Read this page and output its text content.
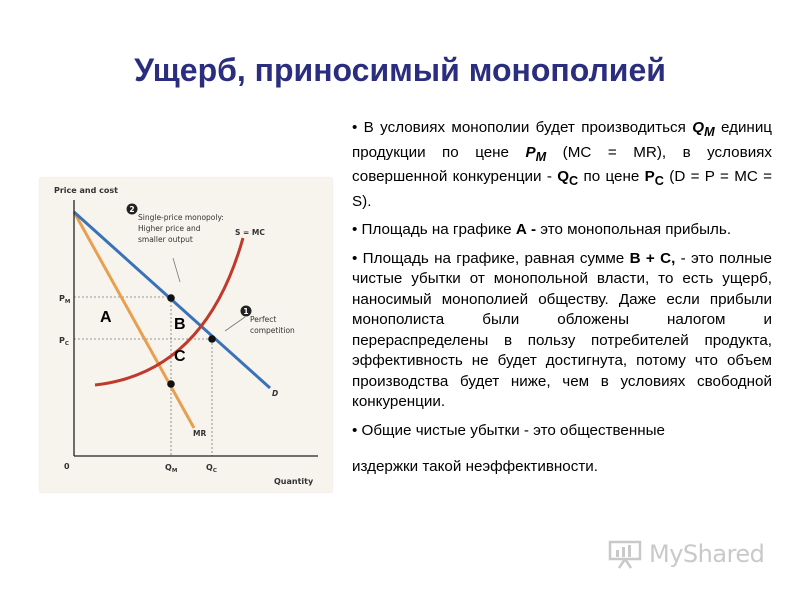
Ущерб, приносимый монополией
Price and cost
Quantity
0
$P_M$
$P_C$
$Q_M$	$Q_C$
S = MC
D
MR
2
1
Single-price monopoly:
Higher price and
smaller output
Perfect
competition
A	B
C

• В условиях монополии будет производиться $Q_M$ единиц продукции по цене $P_M$ (MC = MR), в условиях совершенной конкуренции - $Q_C$ по цене $P_C$ (D = P = MC = S).

• Площадь на графике А - это монопольная прибыль.

• Площадь на графике, равная сумме B + C, - это полные чистые убытки от монопольной власти, то есть ущерб, наносимый монополией обществу. Даже если прибыли монополиста были обложены налогом и перераспределены в пользу потребителей продукта, эффективность не будет достигнута, потому что объем производства будет ниже, чем в условиях свободной конкуренции.

• Общие чистые убытки - это общественные

издержки такой неэффективности.

MyShared
